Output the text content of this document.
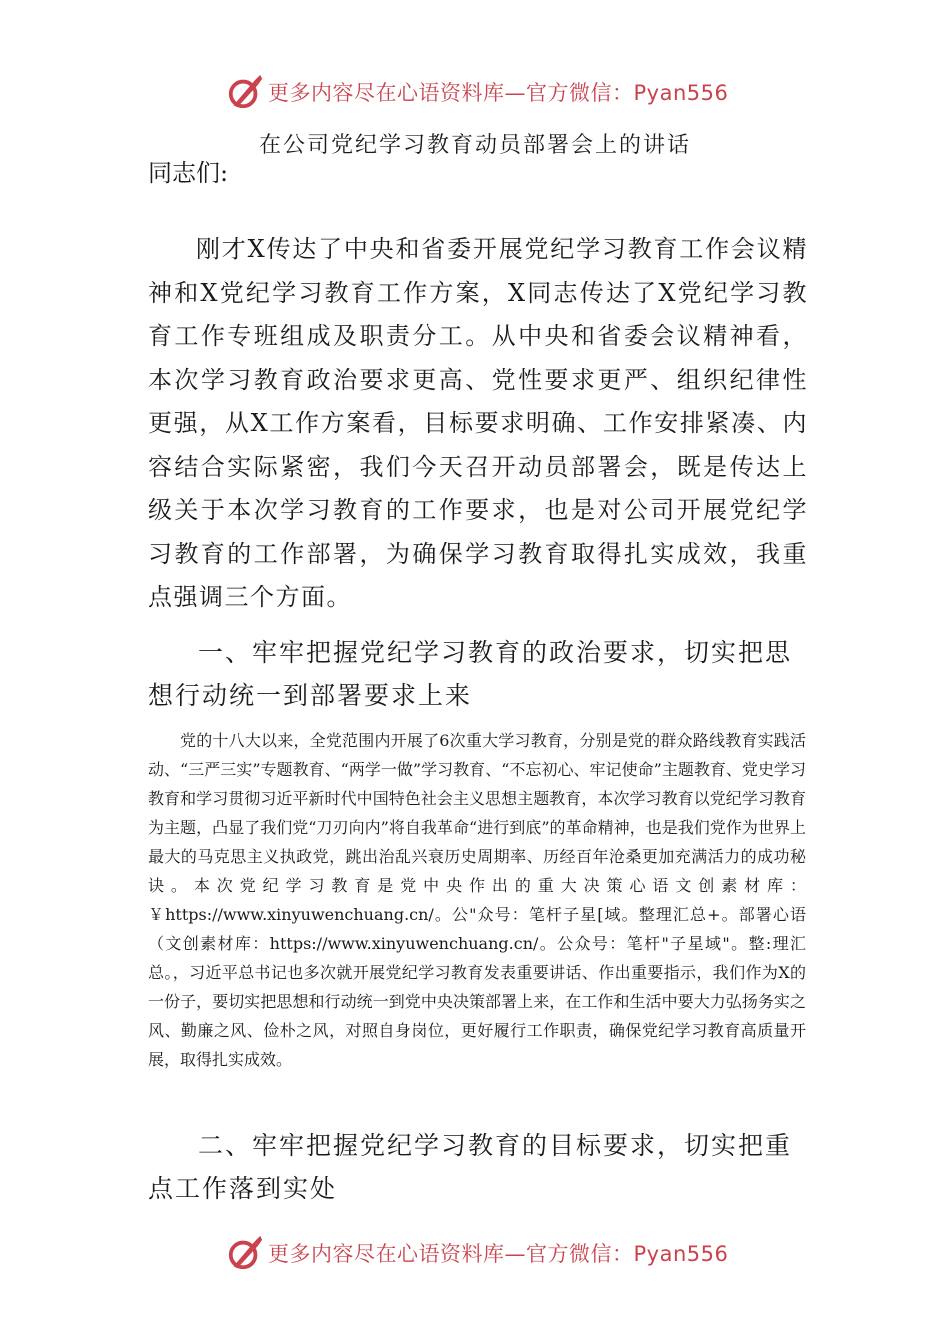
更多内容尽在心语资料库—官方微信：Pyan556
在公司党纪学习教育动员部署会上的讲话
同志们:
刚才X传达了中央和省委开展党纪学习教育工作会议精神和X党纪学习教育工作方案，X同志传达了X党纪学习教育工作专班组成及职责分工。从中央和省委会议精神看，本次学习教育政治要求更高、党性要求更严、组织纪律性更强，从X工作方案看，目标要求明确、工作安排紧凑、内容结合实际紧密，我们今天召开动员部署会，既是传达上级关于本次学习教育的工作要求，也是对公司开展党纪学习教育的工作部署，为确保学习教育取得扎实成效，我重点强调三个方面。
一、牢牢把握党纪学习教育的政治要求，切实把思想行动统一到部署要求上来
党的十八大以来，全党范围内开展了6次重大学习教育，分别是党的群众路线教育实践活动、“三严三实”专题教育、“两学一做”学习教育、“不忘初心、牢记使命”主题教育、党史学习教育和学习贯彻习近平新时代中国特色社会主义思想主题教育，本次学习教育以党纪学习教育为主题，凸显了我们党“刀刃向内”将自我革命“进行到底”的革命精神，也是我们党作为世界上最大的马克思主义执政党，跳出治乱兴衰历史周期率、历经百年沧桑更加充满活力的成功秘诀。本次党纪学习教育是党中央作出的重大决策心语文创素材库：￥https://www.xinyuwenchuang.cn/。公"众号：笔杆子星[域。整理汇总+。部署心语（文创素材库：https://www.xinyuwenchuang.cn/。公众号：笔杆"子星域"。整:理汇总。，习近平总书记也多次就开展党纪学习教育发表重要讲话、作出重要指示，我们作为X的一份子，要切实把思想和行动统一到党中央决策部署上来，在工作和生活中要大力弘扬务实之风、勤廉之风、俭朴之风，对照自身岗位，更好履行工作职责，确保党纪学习教育高质量开展，取得扎实成效。
二、牢牢把握党纪学习教育的目标要求，切实把重点工作落到实处
更多内容尽在心语资料库—官方微信：Pyan556
